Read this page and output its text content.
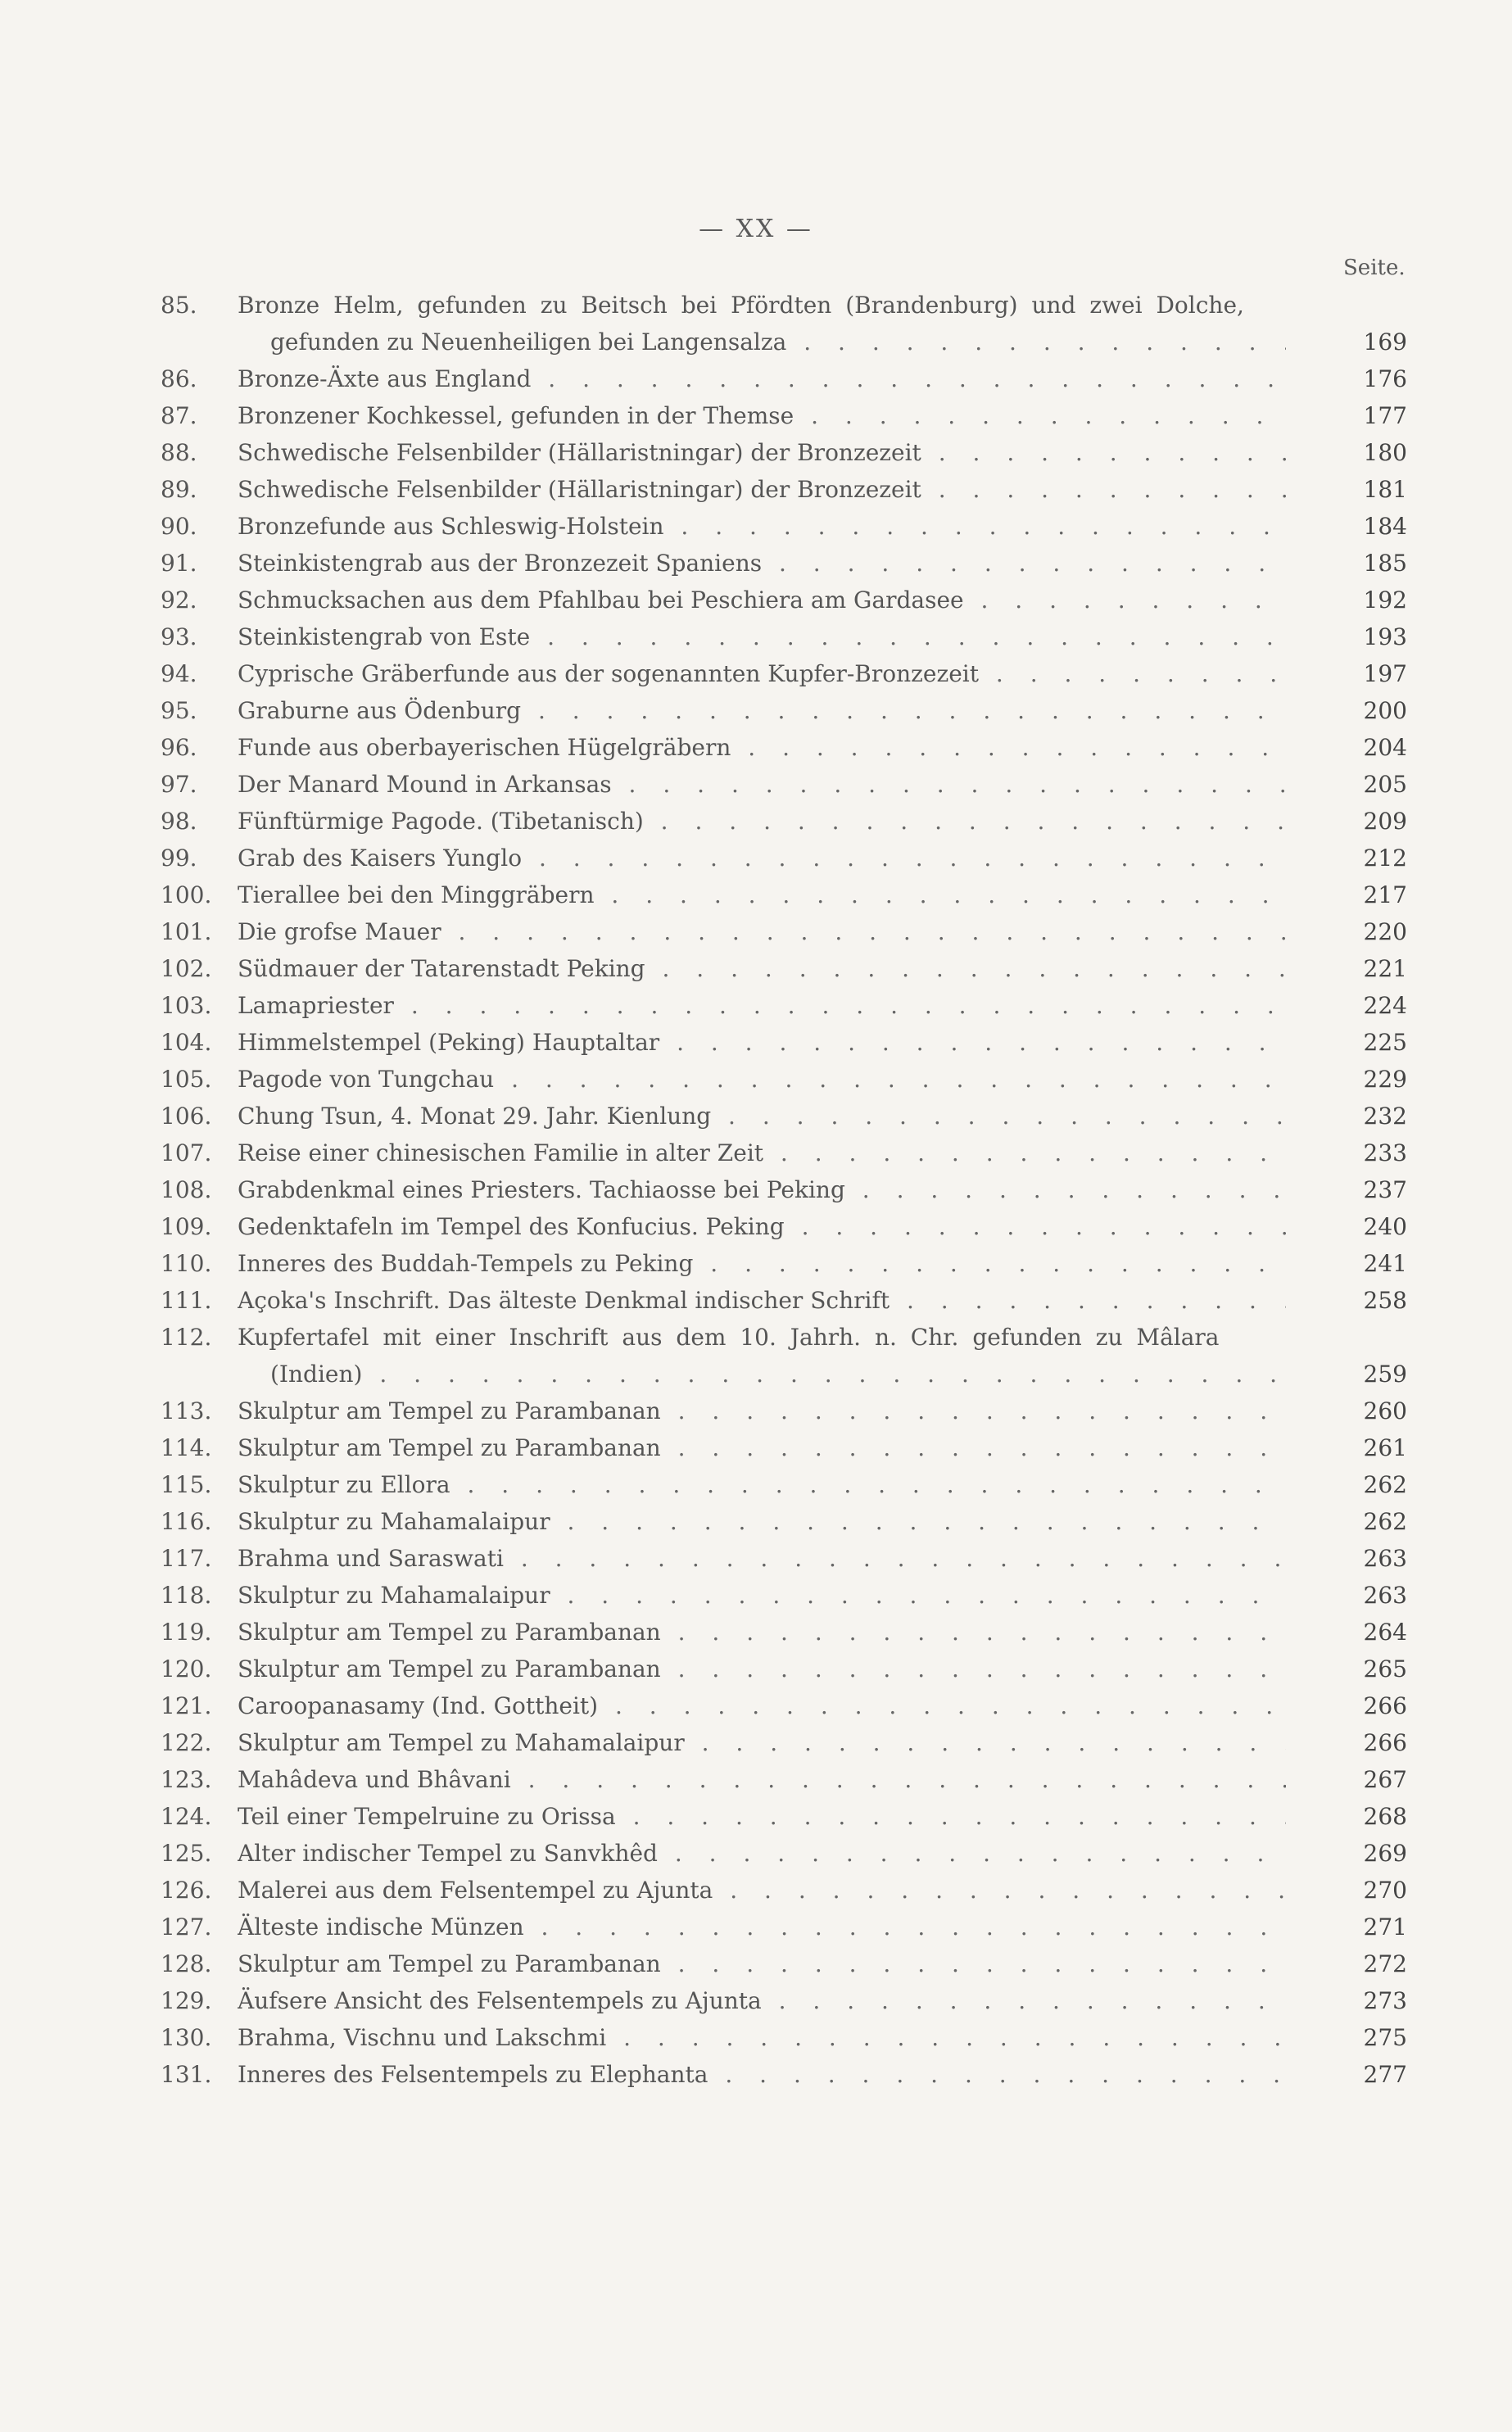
— XX —
Seite.
85. Bronze Helm, gefunden zu Beitsch bei Pfördten (Brandenburg) und zwei Dolche,
gefunden zu Neuenheiligen bei Langensalza . . .	169
86. Bronze-Äxte aus England . . .	176
87. Bronzener Kochkessel, gefunden in der Themse . . .	177
88. Schwedische Felsenbilder (Hällaristningar) der Bronzezeit . . .	180
89. Schwedische Felsenbilder (Hällaristningar) der Bronzezeit . . .	181
90. Bronzefunde aus Schleswig-Holstein . . .	184
91. Steinkistengrab aus der Bronzezeit Spaniens . . .	185
92. Schmucksachen aus dem Pfahlbau bei Peschiera am Gardasee . . .	192
93. Steinkistengrab von Este . . .	193
94. Cyprische Gräberfunde aus der sogenannten Kupfer-Bronzezeit . . .	197
95. Graburne aus Ödenburg . . .	200
96. Funde aus oberbayerischen Hügelgräbern . . .	204
97. Der Manard Mound in Arkansas . . .	205
98. Fünftürmige Pagode. (Tibetanisch) . . .	209
99. Grab des Kaisers Yunglo . . .	212
100. Tierallee bei den Minggräbern . . .	217
101. Die grofse Mauer . . .	220
102. Südmauer der Tatarenstadt Peking . . .	221
103. Lamapriester . . .	224
104. Himmelstempel (Peking) Hauptaltar . . .	225
105. Pagode von Tungchau . . .	229
106. Chung Tsun, 4. Monat 29. Jahr. Kienlung . . .	232
107. Reise einer chinesischen Familie in alter Zeit . . .	233
108. Grabdenkmal eines Priesters. Tachiaosse bei Peking . . .	237
109. Gedenktafeln im Tempel des Konfucius. Peking . . .	240
110. Inneres des Buddah-Tempels zu Peking . . .	241
111. Açoka's Inschrift. Das älteste Denkmal indischer Schrift . . .	258
112. Kupfertafel mit einer Inschrift aus dem 10. Jahrh. n. Chr. gefunden zu Mâlara
(Indien) . . .	259
113. Skulptur am Tempel zu Parambanan . . .	260
114. Skulptur am Tempel zu Parambanan . . .	261
115. Skulptur zu Ellora . . .	262
116. Skulptur zu Mahamalaipur . . .	262
117. Brahma und Saraswati . . .	263
118. Skulptur zu Mahamalaipur . . .	263
119. Skulptur am Tempel zu Parambanan . . .	264
120. Skulptur am Tempel zu Parambanan . . .	265
121. Caroopanasamy (Ind. Gottheit) . . .	266
122. Skulptur am Tempel zu Mahamalaipur . . .	266
123. Mahâdeva und Bhâvani . . .	267
124. Teil einer Tempelruine zu Orissa . . .	268
125. Alter indischer Tempel zu Sanvkhêd . . .	269
126. Malerei aus dem Felsentempel zu Ajunta . . .	270
127. Älteste indische Münzen . . .	271
128. Skulptur am Tempel zu Parambanan . . .	272
129. Äufsere Ansicht des Felsentempels zu Ajunta . . .	273
130. Brahma, Vischnu und Lakschmi . . .	275
131. Inneres des Felsentempels zu Elephanta . . .	277
